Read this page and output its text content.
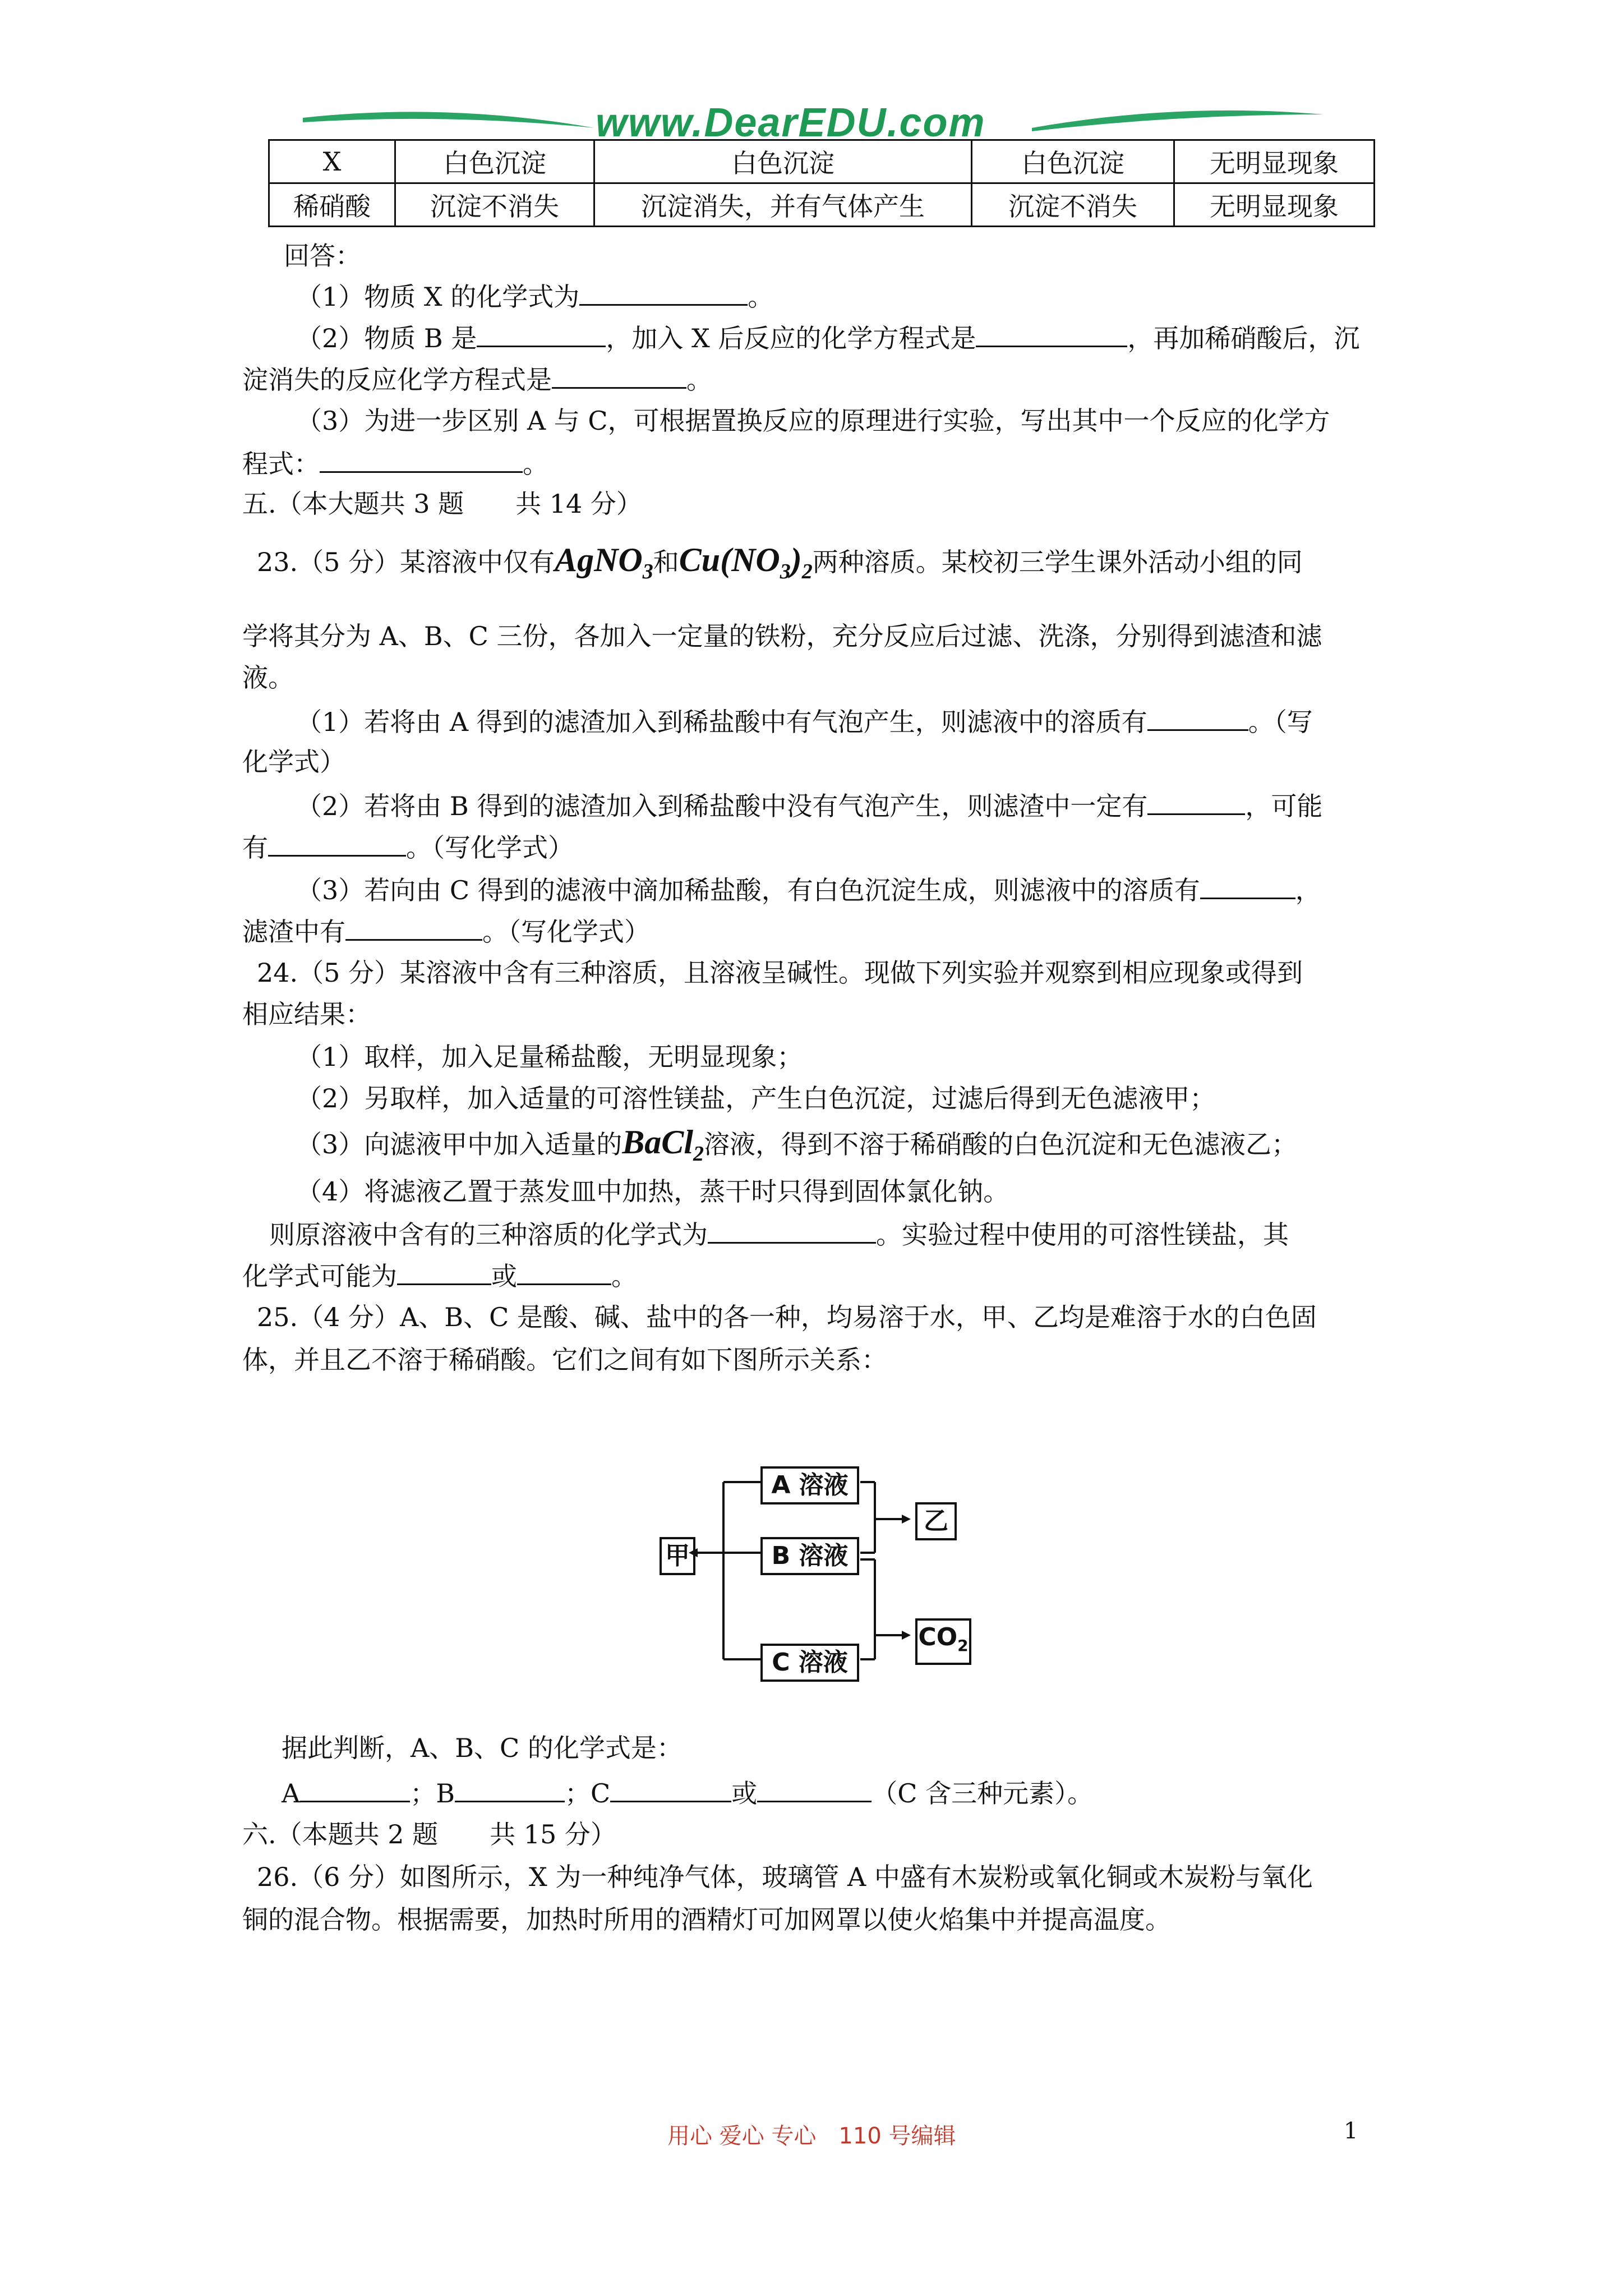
www.DearEDU.com
X	白色沉淀	白色沉淀	白色沉淀	无明显现象
稀硝酸	沉淀不消失	沉淀消失，并有气体产生	沉淀不消失	无明显现象
回答：
（1）物质 X 的化学式为	。
（2）物质 B 是	，加入 X 后反应的化学方程式是	，再加稀硝酸后，沉
淀消失的反应化学方程式是	。
（3）为进一步区别 A 与 C，可根据置换反应的原理进行实验，写出其中一个反应的化学方
程式：	。
五.（本大题共 3 题　　共 14 分）
23.（5 分）某溶液中仅有AgNO$_3$和$Cu(NO_3)_2$两种溶质。某校初三学生课外活动小组的同
学将其分为 A、B、C 三份，各加入一定量的铁粉，充分反应后过滤、洗涤，分别得到滤渣和滤
液。
（1）若将由 A 得到的滤渣加入到稀盐酸中有气泡产生，则滤液中的溶质有	。（写
化学式）
（2）若将由 B 得到的滤渣加入到稀盐酸中没有气泡产生，则滤渣中一定有	，可能
有	。（写化学式）
（3）若向由 C 得到的滤液中滴加稀盐酸，有白色沉淀生成，则滤液中的溶质有	，
滤渣中有	。（写化学式）
24.（5 分）某溶液中含有三种溶质，且溶液呈碱性。现做下列实验并观察到相应现象或得到
相应结果：
（1）取样，加入足量稀盐酸，无明显现象；
（2）另取样，加入适量的可溶性镁盐，产生白色沉淀，过滤后得到无色滤液甲；
（3）向滤液甲中加入适量的BaCl$_2$溶液，得到不溶于稀硝酸的白色沉淀和无色滤液乙；
（4）将滤液乙置于蒸发皿中加热，蒸干时只得到固体氯化钠。
则原溶液中含有的三种溶质的化学式为	。实验过程中使用的可溶性镁盐，其
化学式可能为	或	。
25.（4 分）A、B、C 是酸、碱、盐中的各一种，均易溶于水，甲、乙均是难溶于水的白色固
体，并且乙不溶于稀硝酸。它们之间有如下图所示关系：
A 溶液
B 溶液
C 溶液
甲
乙
$CO_2$
据此判断，A、B、C 的化学式是：
A	；B	；C	或	（C 含三种元素）。
六.（本题共 2 题　　共 15 分）
26.（6 分）如图所示，X 为一种纯净气体，玻璃管 A 中盛有木炭粉或氧化铜或木炭粉与氧化
铜的混合物。根据需要，加热时所用的酒精灯可加网罩以使火焰集中并提高温度。
用心 爱心 专心　110 号编辑	1
